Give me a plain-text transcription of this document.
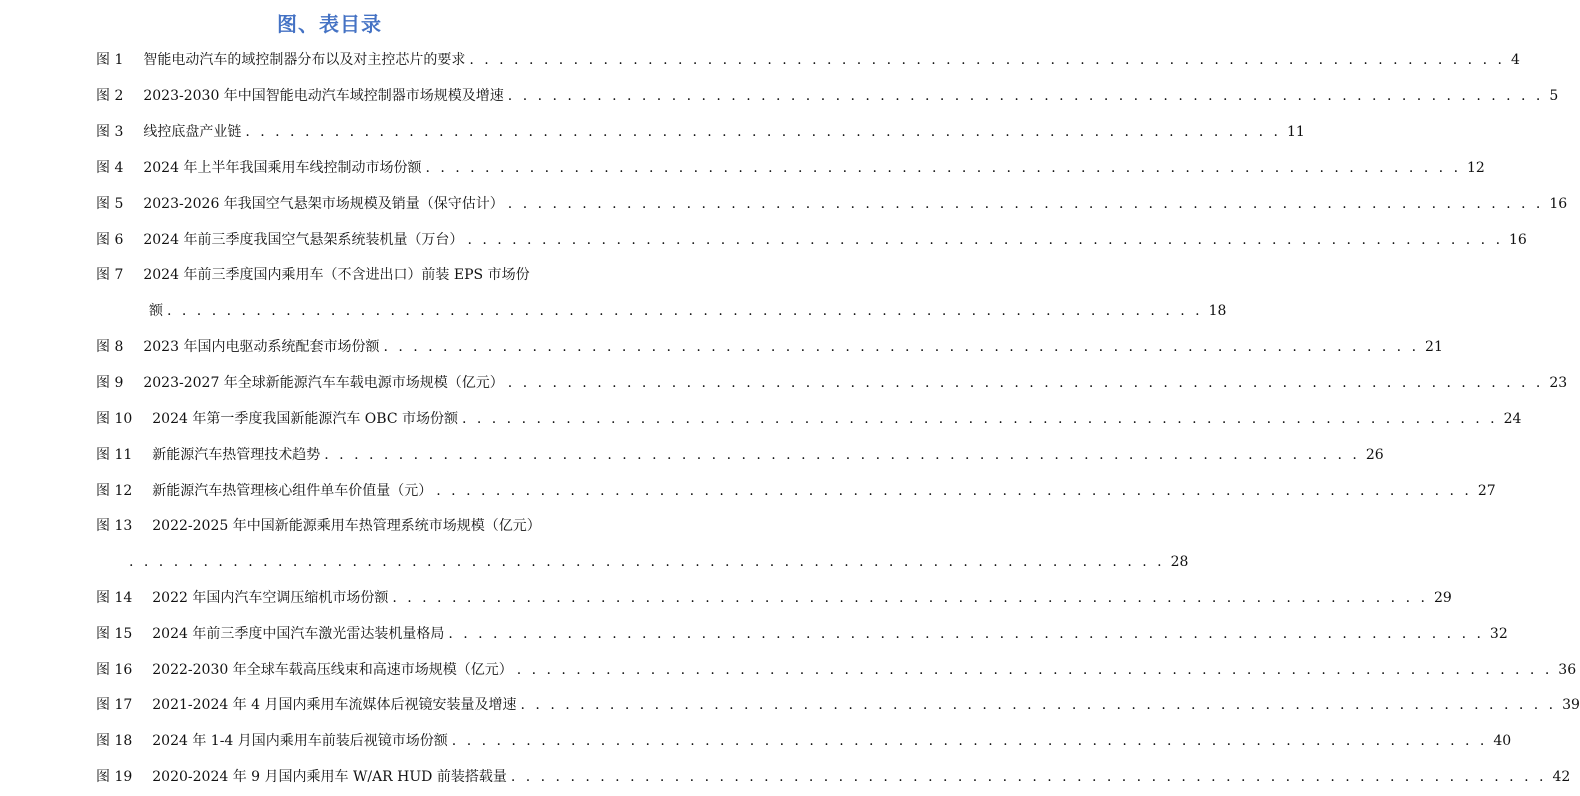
图、表目录
图 1 智能电动汽车的域控制器分布以及对主控芯片的要求 . . . . . . . . . . . . . . . . . . . . . . . . . . . . . . . . . . . . . . . . . . . . . . . . . . . . . . . . . . . . . . . . . . . . . . 4
图 2 2023-2030 年中国智能电动汽车域控制器市场规模及增速 . . . . . . . . . . . . . . . . . . . . . . . . . . . . . . . . . . . . . . . . . . . . . . . . . . . . . . . . . . . . . . . . . . . . . . 5
图 3 线控底盘产业链 . . . . . . . . . . . . . . . . . . . . . . . . . . . . . . . . . . . . . . . . . . . . . . . . . . . . . . . . . . . . . . . . . . . . . . 11
图 4 2024 年上半年我国乘用车线控制动市场份额 . . . . . . . . . . . . . . . . . . . . . . . . . . . . . . . . . . . . . . . . . . . . . . . . . . . . . . . . . . . . . . . . . . . . . . 12
图 5 2023-2026 年我国空气悬架市场规模及销量（保守估计） . . . . . . . . . . . . . . . . . . . . . . . . . . . . . . . . . . . . . . . . . . . . . . . . . . . . . . . . . . . . . . . . . . . . . . 16
图 6 2024 年前三季度我国空气悬架系统装机量（万台） . . . . . . . . . . . . . . . . . . . . . . . . . . . . . . . . . . . . . . . . . . . . . . . . . . . . . . . . . . . . . . . . . . . . . . 16
图 7 2024 年前三季度国内乘用车（不含进出口）前装 EPS 市场份
额 . . . . . . . . . . . . . . . . . . . . . . . . . . . . . . . . . . . . . . . . . . . . . . . . . . . . . . . . . . . . . . . . . . . . . . 18
图 8 2023 年国内电驱动系统配套市场份额 . . . . . . . . . . . . . . . . . . . . . . . . . . . . . . . . . . . . . . . . . . . . . . . . . . . . . . . . . . . . . . . . . . . . . . 21
图 9 2023-2027 年全球新能源汽车车载电源市场规模（亿元） . . . . . . . . . . . . . . . . . . . . . . . . . . . . . . . . . . . . . . . . . . . . . . . . . . . . . . . . . . . . . . . . . . . . . . 23
图 10 2024 年第一季度我国新能源汽车 OBC 市场份额 . . . . . . . . . . . . . . . . . . . . . . . . . . . . . . . . . . . . . . . . . . . . . . . . . . . . . . . . . . . . . . . . . . . . . . 24
图 11 新能源汽车热管理技术趋势 . . . . . . . . . . . . . . . . . . . . . . . . . . . . . . . . . . . . . . . . . . . . . . . . . . . . . . . . . . . . . . . . . . . . . . 26
图 12 新能源汽车热管理核心组件单车价值量（元） . . . . . . . . . . . . . . . . . . . . . . . . . . . . . . . . . . . . . . . . . . . . . . . . . . . . . . . . . . . . . . . . . . . . . . 27
图 13 2022-2025 年中国新能源乘用车热管理系统市场规模（亿元）
. . . . . . . . . . . . . . . . . . . . . . . . . . . . . . . . . . . . . . . . . . . . . . . . . . . . . . . . . . . . . . . . . . . . . . 28
图 14 2022 年国内汽车空调压缩机市场份额 . . . . . . . . . . . . . . . . . . . . . . . . . . . . . . . . . . . . . . . . . . . . . . . . . . . . . . . . . . . . . . . . . . . . . . 29
图 15 2024 年前三季度中国汽车激光雷达装机量格局 . . . . . . . . . . . . . . . . . . . . . . . . . . . . . . . . . . . . . . . . . . . . . . . . . . . . . . . . . . . . . . . . . . . . . . 32
图 16 2022-2030 年全球车载高压线束和高速市场规模（亿元） . . . . . . . . . . . . . . . . . . . . . . . . . . . . . . . . . . . . . . . . . . . . . . . . . . . . . . . . . . . . . . . . . . . . . . 36
图 17 2021-2024 年 4 月国内乘用车流媒体后视镜安装量及增速 . . . . . . . . . . . . . . . . . . . . . . . . . . . . . . . . . . . . . . . . . . . . . . . . . . . . . . . . . . . . . . . . . . . . . . 39
图 18 2024 年 1-4 月国内乘用车前装后视镜市场份额 . . . . . . . . . . . . . . . . . . . . . . . . . . . . . . . . . . . . . . . . . . . . . . . . . . . . . . . . . . . . . . . . . . . . . . 40
图 19 2020-2024 年 9 月国内乘用车 W/AR HUD 前装搭载量 . . . . . . . . . . . . . . . . . . . . . . . . . . . . . . . . . . . . . . . . . . . . . . . . . . . . . . . . . . . . . . . . . . . . . . 42
